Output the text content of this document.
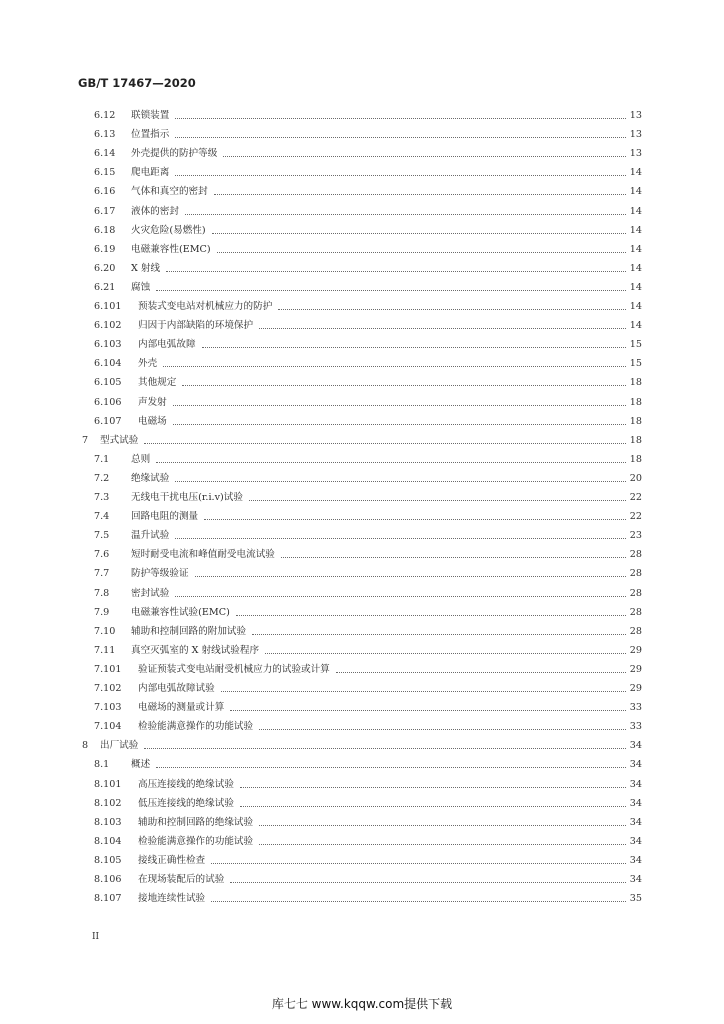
GB/T 17467—2020
6.12 联锁装置	13
6.13 位置指示	13
6.14 外壳提供的防护等级	13
6.15 爬电距离	14
6.16 气体和真空的密封	14
6.17 液体的密封	14
6.18 火灾危险(易燃性)	14
6.19 电磁兼容性(EMC)	14
6.20 X 射线	14
6.21 腐蚀	14
6.101 预装式变电站对机械应力的防护	14
6.102 归因于内部缺陷的环境保护	14
6.103 内部电弧故障	15
6.104 外壳	15
6.105 其他规定	18
6.106 声发射	18
6.107 电磁场	18
7 型式试验	18
7.1 总则	18
7.2 绝缘试验	20
7.3 无线电干扰电压(r.i.v)试验	22
7.4 回路电阻的测量	22
7.5 温升试验	23
7.6 短时耐受电流和峰值耐受电流试验	28
7.7 防护等级验证	28
7.8 密封试验	28
7.9 电磁兼容性试验(EMC)	28
7.10 辅助和控制回路的附加试验	28
7.11 真空灭弧室的 X 射线试验程序	29
7.101 验证预装式变电站耐受机械应力的试验或计算	29
7.102 内部电弧故障试验	29
7.103 电磁场的测量或计算	33
7.104 检验能满意操作的功能试验	33
8 出厂试验	34
8.1 概述	34
8.101 高压连接线的绝缘试验	34
8.102 低压连接线的绝缘试验	34
8.103 辅助和控制回路的绝缘试验	34
8.104 检验能满意操作的功能试验	34
8.105 接线正确性检查	34
8.106 在现场装配后的试验	34
8.107 接地连续性试验	35
II
库七七 www.kqqw.com提供下载
